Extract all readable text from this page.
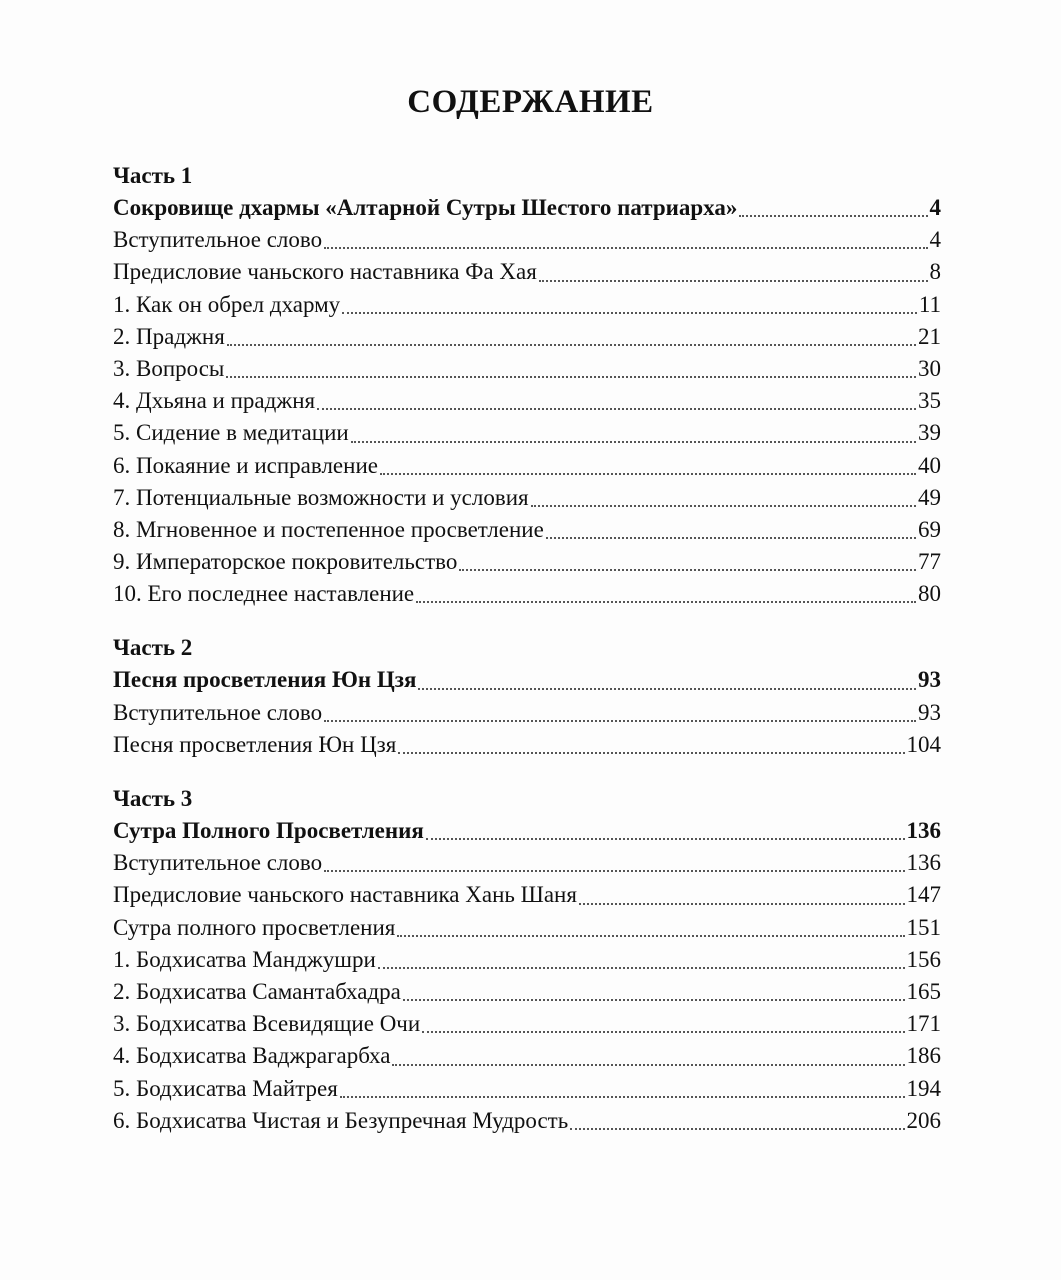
СОДЕРЖАНИЕ
Часть 1
Сокровище дхармы «Алтарной Сутры Шестого патриарха»	4
Вступительное слово	4
Предисловие чаньского наставника Фа Хая	8
1. Как он обрел дхарму	11
2. Праджня	21
3. Вопросы	30
4. Дхьяна и праджня	35
5. Сидение в медитации	39
6. Покаяние и исправление	40
7. Потенциальные возможности и условия	49
8. Мгновенное и постепенное просветление	69
9. Императорское покровительство	77
10. Его последнее наставление	80
Часть 2
Песня просветления Юн Цзя	93
Вступительное слово	93
Песня просветления Юн Цзя	104
Часть 3
Сутра Полного Просветления	136
Вступительное слово	136
Предисловие чаньского наставника Хань Шаня	147
Сутра полного просветления	151
1. Бодхисатва Манджушри	156
2. Бодхисатва Самантабхадра	165
3. Бодхисатва Всевидящие Очи	171
4. Бодхисатва Ваджрагарбха	186
5. Бодхисатва Майтрея	194
6. Бодхисатва Чистая и Безупречная Мудрость	206
